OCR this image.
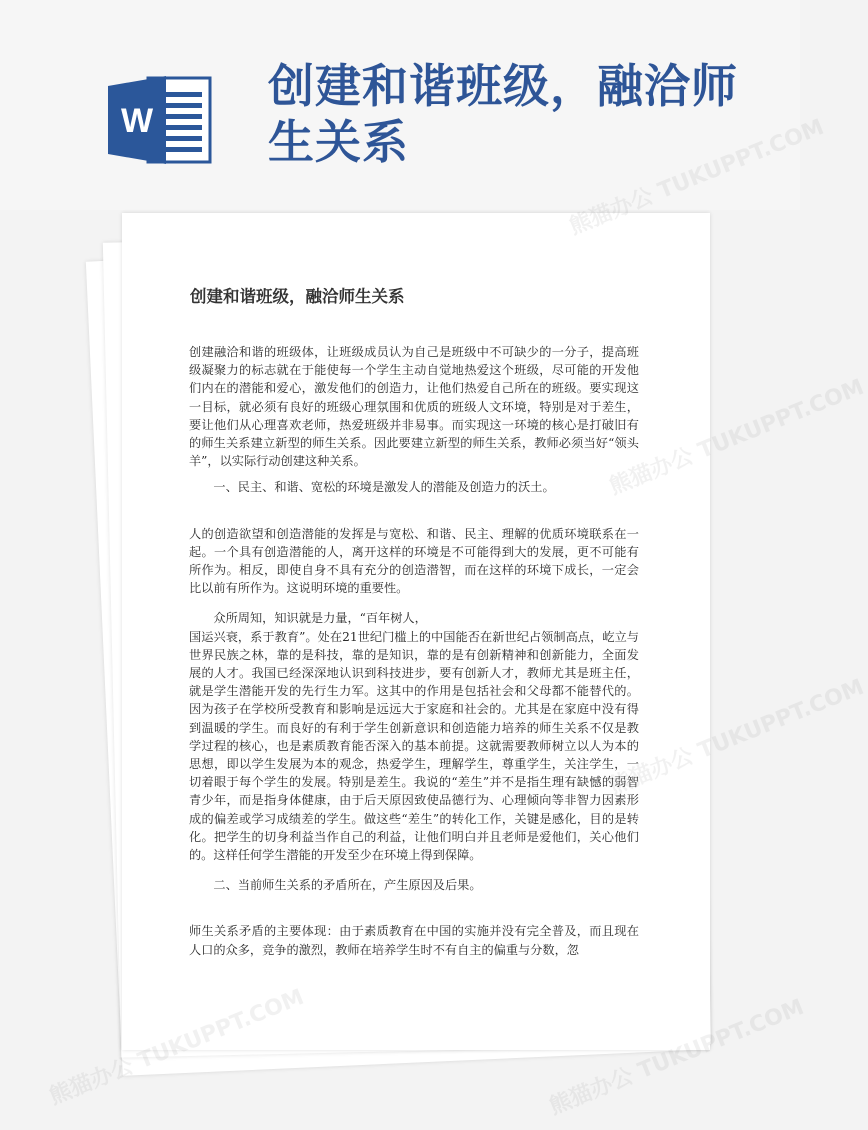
W
创建和谐班级，融洽师生关系
创建和谐班级，融洽师生关系

创建融洽和谐的班级体，让班级成员认为自己是班级中不可缺少的一分子，提高班级凝聚力的标志就在于能使每一个学生主动自觉地热爱这个班级，尽可能的开发他们内在的潜能和爱心，激发他们的创造力，让他们热爱自己所在的班级。要实现这一目标，就必须有良好的班级心理氛围和优质的班级人文环境，特别是对于差生，要让他们从心理喜欢老师，热爱班级并非易事。而实现这一环境的核心是打破旧有的师生关系建立新型的师生关系。因此要建立新型的师生关系，教师必须当好“领头羊”，以实际行动创建这种关系。

一、民主、和谐、宽松的环境是激发人的潜能及创造力的沃土。

人的创造欲望和创造潜能的发挥是与宽松、和谐、民主、理解的优质环境联系在一起。一个具有创造潜能的人，离开这样的环境是不可能得到大的发展，更不可能有所作为。相反，即使自身不具有充分的创造潜智，而在这样的环境下成长，一定会比以前有所作为。这说明环境的重要性。

众所周知，知识就是力量，“百年树人，

国运兴衰，系于教育”。处在21世纪门槛上的中国能否在新世纪占领制高点，屹立与世界民族之林，靠的是科技，靠的是知识，靠的是有创新精神和创新能力，全面发展的人才。我国已经深深地认识到科技进步，要有创新人才，教师尤其是班主任，就是学生潜能开发的先行生力军。这其中的作用是包括社会和父母都不能替代的。因为孩子在学校所受教育和影响是远远大于家庭和社会的。尤其是在家庭中没有得到温暖的学生。而良好的有利于学生创新意识和创造能力培养的师生关系不仅是教学过程的核心，也是素质教育能否深入的基本前提。这就需要教师树立以人为本的思想，即以学生发展为本的观念，热爱学生，理解学生，尊重学生，关注学生，一切着眼于每个学生的发展。特别是差生。我说的“差生”并不是指生理有缺憾的弱智青少年，而是指身体健康，由于后天原因致使品德行为、心理倾向等非智力因素形成的偏差或学习成绩差的学生。做这些“差生”的转化工作，关键是感化，目的是转化。把学生的切身利益当作自己的利益，让他们明白并且老师是爱他们，关心他们的。这样任何学生潜能的开发至少在环境上得到保障。

二、当前师生关系的矛盾所在，产生原因及后果。

师生关系矛盾的主要体现：由于素质教育在中国的实施并没有完全普及，而且现在人口的众多，竞争的激烈，教师在培养学生时不有自主的偏重与分数，忽

熊猫办公
熊猫办公 TUKUPPT.COM
熊猫办公 TUKUPPT.COM
熊猫办公	熊猫办公 TUKUPPT.COM
